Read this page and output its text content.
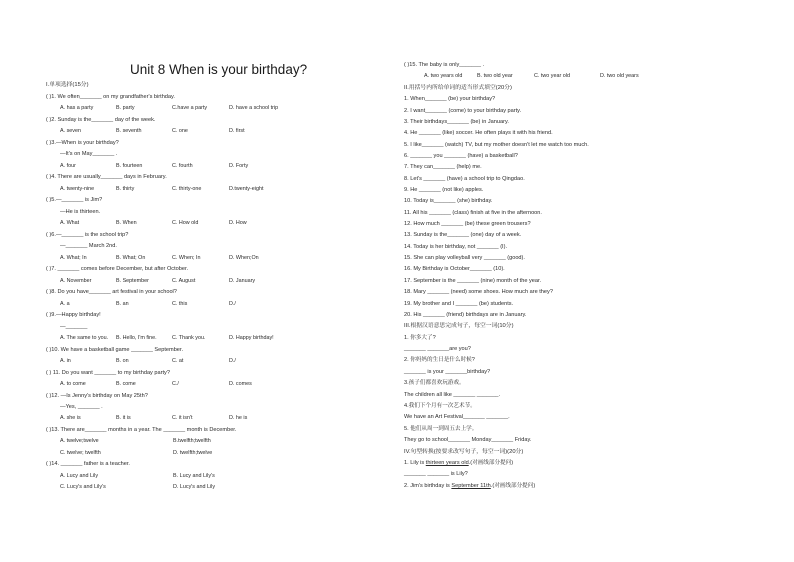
Unit 8 When is your birthday?
I.单项选择(15分)
( )1. We often_______ on my grandfather's birthday.
A. has a party	B. party	C.have a party	D. have a school trip
( )2. Sunday is the_______ day of the week.
A. seven	B. seventh	C. one	D. first
( )3.—When is your birthday?
—It's on May_______ .
A. four	B. fourteen	C. fourth	D. Forty
( )4. There are usually_______ days in February.
A. twenty-nine	B. thirty	C. thirty-one	D.twenty-eight
( )5.—_______ is Jim?
—He is thirteen.
A. What	B. When	C. How old	D. How
( )6.—_______ is the school trip?
—_______ March 2nd.
A. What; In	B. What; On	C. When; In	D. When;On
( )7. _______ comes before December, but after October.
A. November	B. September	C. August	D. January
( )8. Do you have_______ art festival in your school?
A. a	B. an	C. this	D./
( )9.—Happy birthday!
—_______
A. The same to you. B. Hello, I'm fine.	C. Thank you.	D. Happy birthday!
( )10. We have a basketball game _______ September.
A. in	B. on	C. at	D./
( ) 11. Do you want _______ to my birthday party?
A. to come	B. come	C./	D. comes
( )12. —Is Jenny's birthday on May 25th?
—Yes, _______ .
A. she is	B. it is	C. it isn't	D. he is
( )13. There are_______ months in a year. The _______ month is December.
A. twelve;twelve	B.twelfth;twelfth
C. twelve; twelfth	D. twelfth;twelve
( )14. _______ father is a teacher.
A. Lucy and Lily	B. Lucy and Lily's
C. Lucy's and Lily's	D. Lucy's and Lily
( )15. The baby is only_______ .
A. two years old	B. two old year	C. two year old	D. two old years
II.用括号内所给单词的适当形式填空(20分)
1. When_______ (be) your birthday?
2. I want_______ (come) to your birthday party.
3. Their birthdays_______ (be) in January.
4. He _______ (like) soccer. He often plays it with his friend.
5. I like_______ (watch) TV, but my mother doesn't let me watch too much.
6. _______ you _______ (have) a basketball?
7. They can_______ (help) me.
8. Let's _______ (have) a school trip to Qingdao.
9. He _______ (not like) apples.
10. Today is_______ (she) birthday.
11. All his _______ (class) finish at five in the afternoon.
12. How much _______ (be) these green trousers?
13. Sunday is the_______ (one) day of a week.
14. Today is her birthday, not _______ (I).
15. She can play volleyball very _______ (good).
16. My Birthday is October_______ (10).
17. September is the _______ (nine) month of the year.
18. Mary _______ (need) some shoes. How much are they?
19. My brother and I _______ (be) students.
20. His _______ (friend) birthdays are in January.
III.根据汉语意思完成句子，每空一词(10分)
1. 你多大了?
_______ _______are you?
2. 你妈妈的生日是什么时候?
_______ is your _______birthday?
3.孩子们都喜欢玩游戏。
The children all like _______ _______.
4.我们下个月有一次艺术节。
We have an Art Festival_______ _______.
5. 他们从周一到周五去上学。
They go to school_______ Monday_______ Friday.
IV.句型转换(按要求改写句子，每空一词)(20分)
1. Lily is thirteen years old.(对画线部分提问)
_______ _______ is Lily?
2. Jim's birthday is September 11th.(对画线部分提问)
